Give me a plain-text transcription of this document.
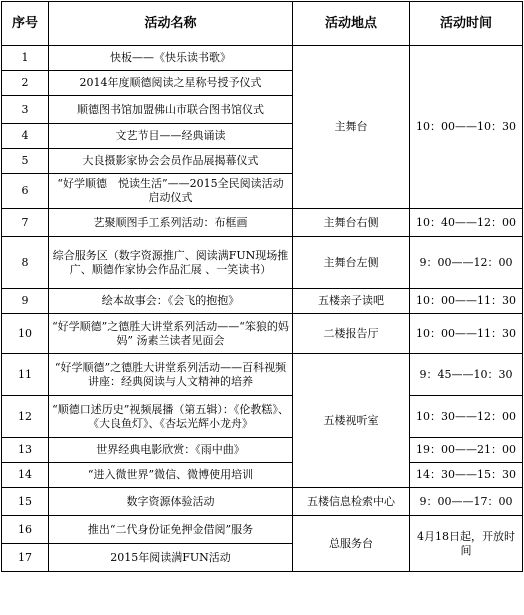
序号	活动名称	活动地点	活动时间
1	快板——《快乐读书歌》	主舞台	10：00——10：30
2	2014年度顺德阅读之星称号授予仪式		
3	顺德图书馆加盟佛山市联合图书馆仪式		
4	文艺节目——经典诵读		
5	大良摄影家协会会员作品展揭幕仪式		
6	“好学顺德　悦读生活”——2015全民阅读活动启动仪式		
7	艺聚顺图手工系列活动：布框画	主舞台右侧	10：40——12：00
8	综合服务区（数字资源推广、阅读满FUN现场推广、顺德作家协会作品汇展 、一笑读书）	主舞台左侧	9：00——12：00
9	绘本故事会：《会飞的抱抱》	五楼亲子读吧	10：00——11：30
10	“好学顺德”之德胜大讲堂系列活动——“笨狼的妈妈” 汤素兰读者见面会	二楼报告厅	10：00——11：30
11	“好学顺德”之德胜大讲堂系列活动——百科视频讲座：经典阅读与人文精神的培养	五楼视听室	9：45——10：30
12	“顺德口述历史”视频展播（第五辑）：《伦教糕》、《大良鱼灯》、《杏坛光辉小龙舟》		10：30——12：00
13	世界经典电影欣赏：《雨中曲》		19：00——21：00
14	“进入微世界”微信、微博使用培训		14：30——15：30
15	数字资源体验活动	五楼信息检索中心	9：00——17：00
16	推出“二代身份证免押金借阅”服务	总服务台	4月18日起，开放时间
17	2015年阅读满FUN活动		
